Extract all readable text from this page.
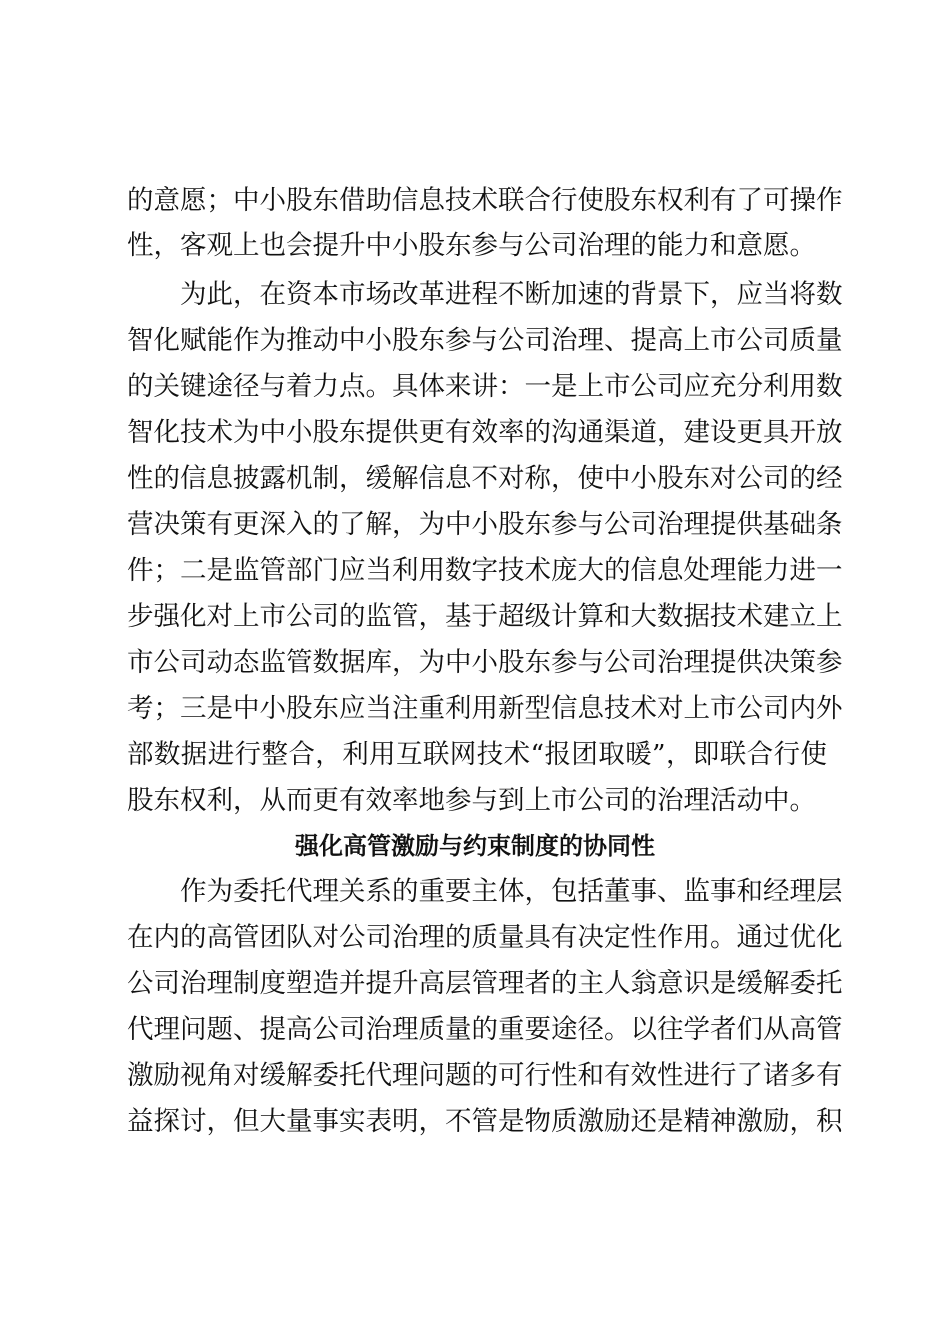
的意愿；中小股东借助信息技术联合行使股东权利有了可操作
性，客观上也会提升中小股东参与公司治理的能力和意愿。
为此，在资本市场改革进程不断加速的背景下，应当将数
智化赋能作为推动中小股东参与公司治理、提高上市公司质量
的关键途径与着力点。具体来讲：一是上市公司应充分利用数
智化技术为中小股东提供更有效率的沟通渠道，建设更具开放
性的信息披露机制，缓解信息不对称，使中小股东对公司的经
营决策有更深入的了解，为中小股东参与公司治理提供基础条
件；二是监管部门应当利用数字技术庞大的信息处理能力进一
步强化对上市公司的监管，基于超级计算和大数据技术建立上
市公司动态监管数据库，为中小股东参与公司治理提供决策参
考；三是中小股东应当注重利用新型信息技术对上市公司内外
部数据进行整合，利用互联网技术“报团取暖”，即联合行使
股东权利，从而更有效率地参与到上市公司的治理活动中。
强化高管激励与约束制度的协同性
作为委托代理关系的重要主体，包括董事、监事和经理层
在内的高管团队对公司治理的质量具有决定性作用。通过优化
公司治理制度塑造并提升高层管理者的主人翁意识是缓解委托
代理问题、提高公司治理质量的重要途径。以往学者们从高管
激励视角对缓解委托代理问题的可行性和有效性进行了诸多有
益探讨，但大量事实表明，不管是物质激励还是精神激励，积
